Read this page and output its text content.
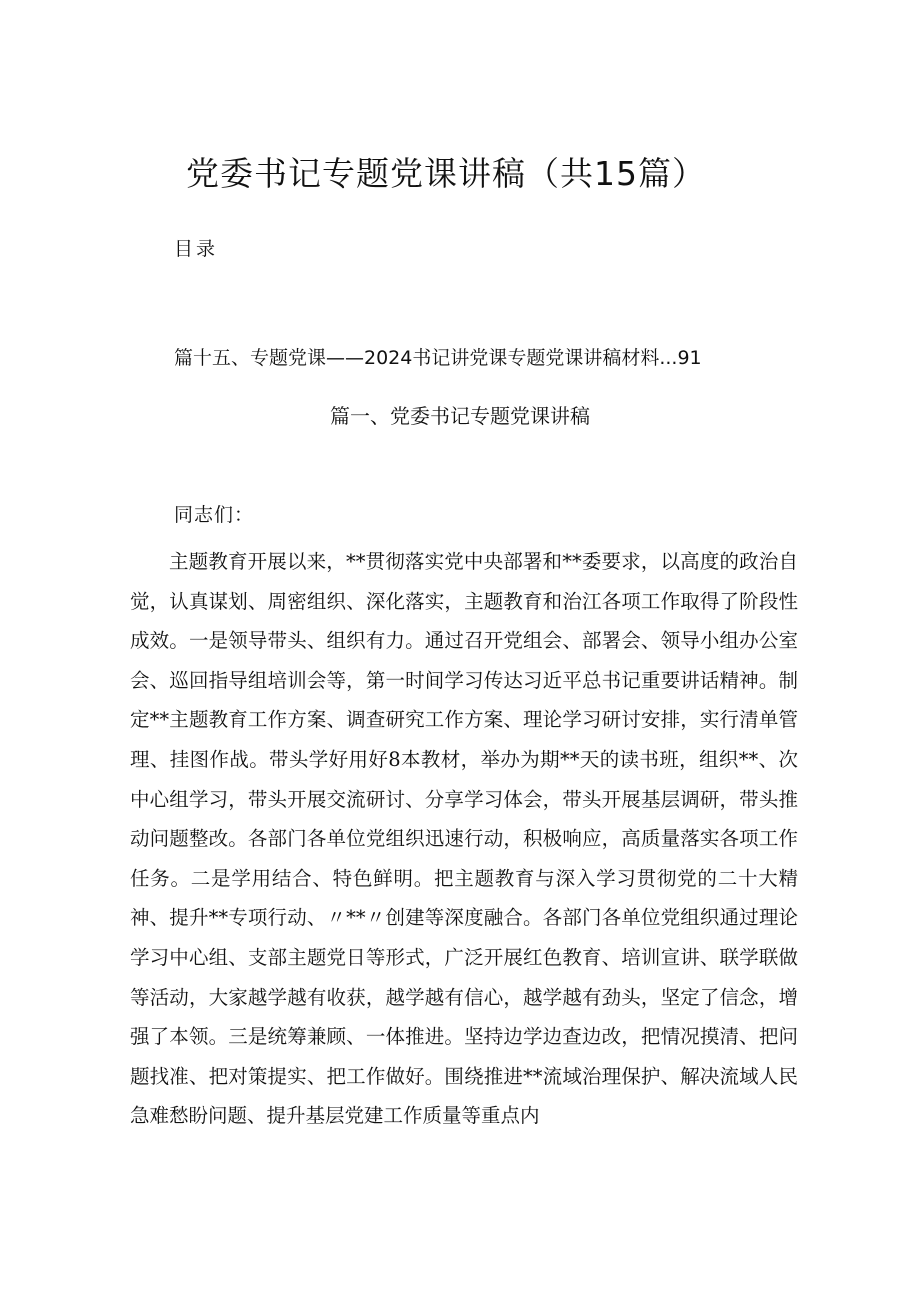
党委书记专题党课讲稿（共15篇）
目录
篇十五、专题党课——2024书记讲党课专题党课讲稿材料...91
篇一、党委书记专题党课讲稿
同志们：

主题教育开展以来，**贯彻落实党中央部署和**委要求，以高度的政治自觉，认真谋划、周密组织、深化落实，主题教育和治江各项工作取得了阶段性成效。一是领导带头、组织有力。通过召开党组会、部署会、领导小组办公室会、巡回指导组培训会等，第一时间学习传达习近平总书记重要讲话精神。制定**主题教育工作方案、调查研究工作方案、理论学习研讨安排，实行清单管理、挂图作战。带头学好用好8本教材，举办为期**天的读书班，组织**、次中心组学习，带头开展交流研讨、分享学习体会，带头开展基层调研，带头推动问题整改。各部门各单位党组织迅速行动，积极响应，高质量落实各项工作任务。二是学用结合、特色鲜明。把主题教育与深入学习贯彻党的二十大精神、提升**专项行动、〃**〃创建等深度融合。各部门各单位党组织通过理论学习中心组、支部主题党日等形式，广泛开展红色教育、培训宣讲、联学联做等活动，大家越学越有收获，越学越有信心，越学越有劲头，坚定了信念，增强了本领。三是统筹兼顾、一体推进。坚持边学边查边改，把情况摸清、把问题找准、把对策提实、把工作做好。围绕推进**流域治理保护、解决流域人民急难愁盼问题、提升基层党建工作质量等重点内
